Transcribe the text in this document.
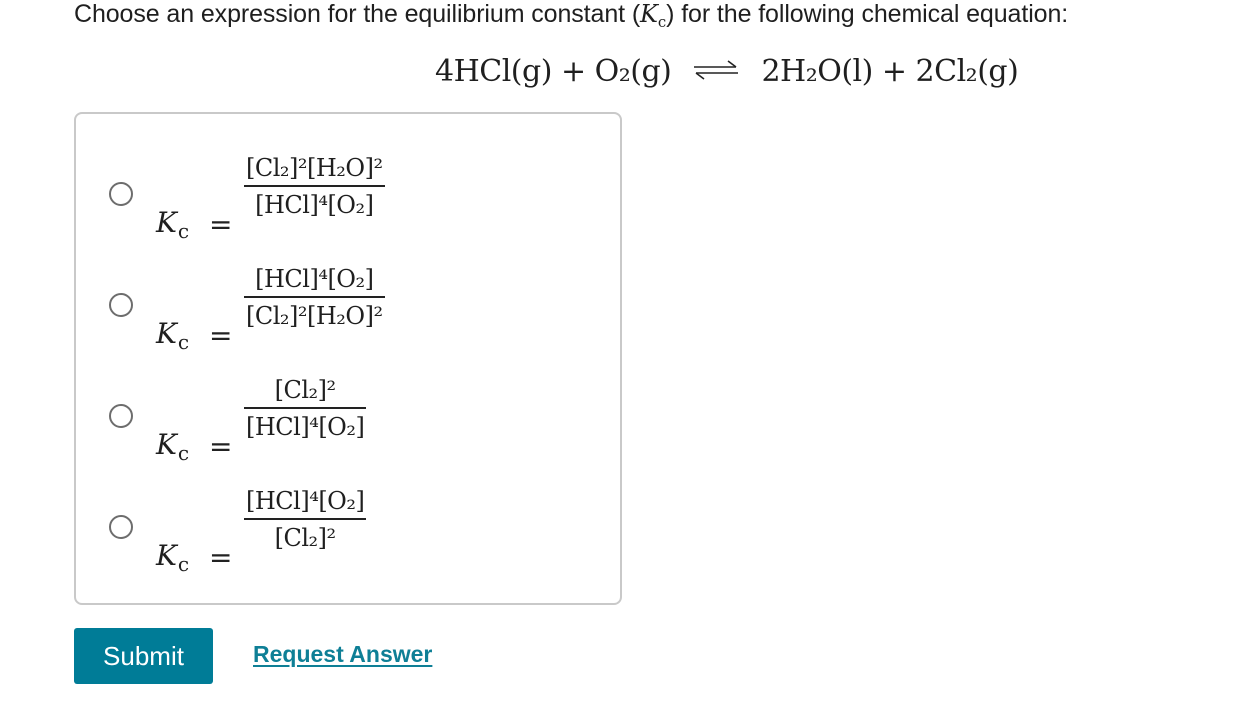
Choose an expression for the equilibrium constant $(K_c)$ for the following chemical equation:
4HCl(g) + O₂(g) ⇌ 2H₂O(l) + 2Cl₂(g)
$K_c$ =
[Cl₂]²[H₂O]²
[HCl]⁴[O₂]
$K_c$ =
[HCl]⁴[O₂]
[Cl₂]²[H₂O]²
$K_c$ =
[Cl₂]²
[HCl]⁴[O₂]
$K_c$ =
[HCl]⁴[O₂]
[Cl₂]²
Submit	Request Answer
